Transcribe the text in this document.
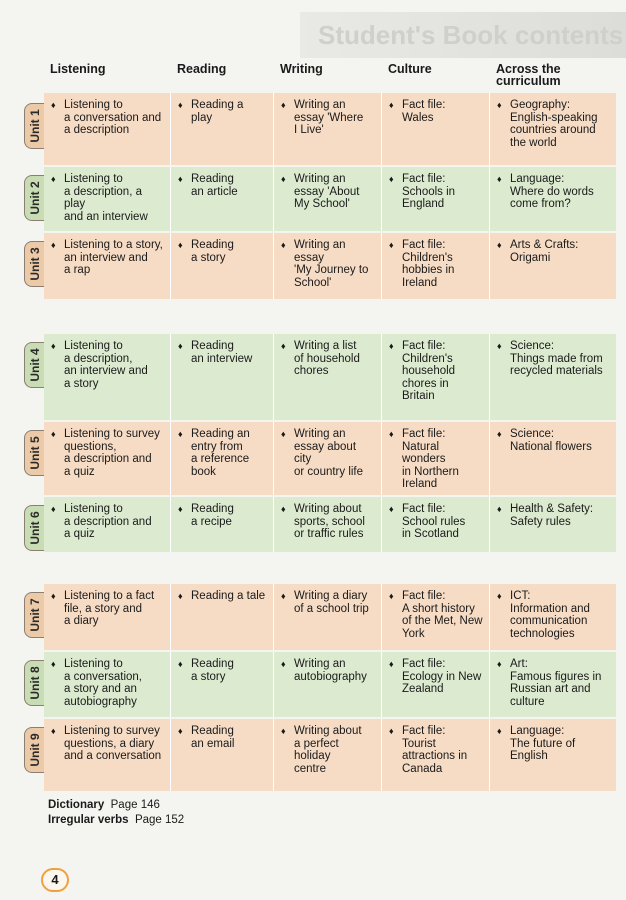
Student's Book contents
Listening	Reading	Writing	Culture	Across the
curriculum
♦ Listening to
a conversation and
a description
♦ Reading a play
♦ Writing an
essay 'Where
I Live'
♦ Fact file:
Wales
♦ Geography:
English-speaking
countries around
the world
Unit 1
♦ Listening to
a description, a play
and an interview
♦ Reading
an article
♦ Writing an
essay 'About
My School'
♦ Fact file:
Schools in
England
♦ Language:
Where do words
come from?
Unit 2
♦ Listening to a story,
an interview and
a rap
♦ Reading
a story
♦ Writing an essay
'My Journey to
School'
♦ Fact file:
Children's
hobbies in
Ireland
♦ Arts & Crafts:
Origami
Unit 3
♦ Listening to
a description,
an interview and
a story
♦ Reading
an interview
♦ Writing a list
of household
chores
♦ Fact file:
Children's
household
chores in Britain
♦ Science:
Things made from
recycled materials
Unit 4
♦ Listening to survey
questions,
a description and
a quiz
♦ Reading an
entry from
a reference
book
♦ Writing an
essay about city
or country life
♦ Fact file:
Natural wonders
in Northern
Ireland
♦ Science:
National flowers
Unit 5
♦ Listening to
a description and
a quiz
♦ Reading
a recipe
♦ Writing about
sports, school
or traffic rules
♦ Fact file:
School rules
in Scotland
♦ Health & Safety:
Safety rules
Unit 6
♦ Listening to a fact
file, a story and
a diary
♦ Reading a tale ♦ Writing a diary
of a school trip
♦ Fact file:
A short history
of the Met, New
York
♦ ICT:
Information and
communication
technologies
Unit 7
♦ Listening to
a conversation,
a story and an
autobiography
♦ Reading
a story
♦ Writing an
autobiography
♦ Fact file:
Ecology in New
Zealand
♦ Art:
Famous figures in
Russian art and
culture
Unit 8
♦ Listening to survey
questions, a diary
and a conversation
♦ Reading
an email
♦ Writing about
a perfect holiday
centre
♦ Fact file:
Tourist
attractions in
Canada
♦ Language:
The future of
English
Unit 9
Dictionary Page 146
Irregular verbs Page 152
4
